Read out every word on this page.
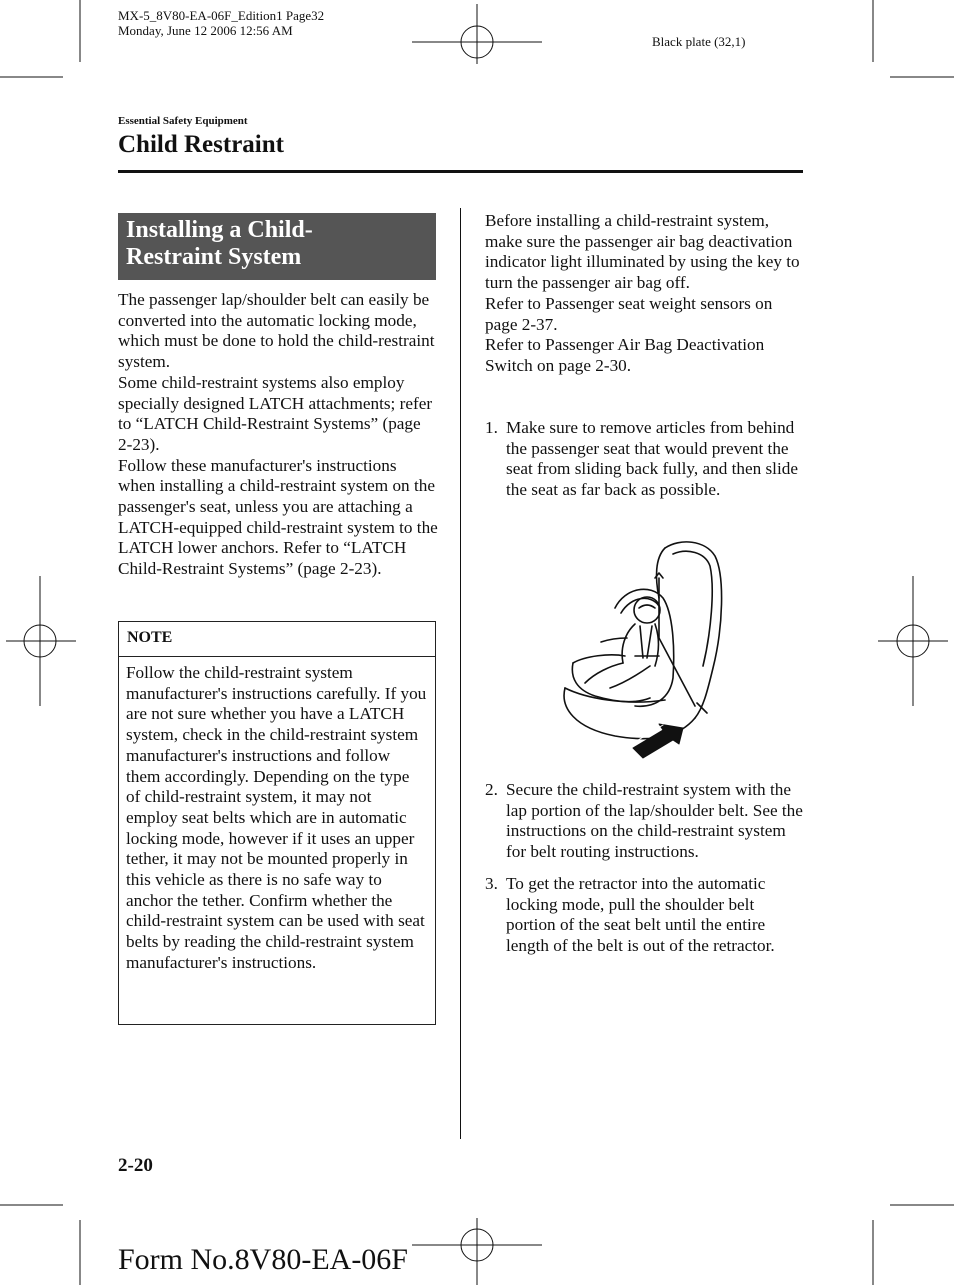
MX-5_8V80-EA-06F_Edition1 Page32
Monday, June 12 2006 12:56 AM
Black plate (32,1)
Essential Safety Equipment
Child Restraint
Installing a Child-
Restraint System

The passenger lap/shoulder belt can easily be converted into the automatic locking mode, which must be done to hold the child-restraint system.

Some child-restraint systems also employ specially designed LATCH attachments; refer to “LATCH Child-Restraint Systems” (page 2-23).

Follow these manufacturer's instructions when installing a child-restraint system on the passenger's seat, unless you are attaching a LATCH-equipped child-restraint system to the LATCH lower anchors. Refer to “LATCH Child-Restraint Systems” (page 2-23).

NOTE
Follow the child-restraint system manufacturer's instructions carefully. If you are not sure whether you have a LATCH system, check in the child-restraint system manufacturer's instructions and follow them accordingly. Depending on the type of child-restraint system, it may not employ seat belts which are in automatic locking mode, however if it uses an upper tether, it may not be mounted properly in this vehicle as there is no safe way to anchor the tether. Confirm whether the child-restraint system can be used with seat belts by reading the child-restraint system manufacturer's instructions.

Before installing a child-restraint system, make sure the passenger air bag deactivation indicator light illuminated by using the key to turn the passenger air bag off.

Refer to Passenger seat weight sensors on page 2-37.

Refer to Passenger Air Bag Deactivation Switch on page 2-30.

1. Make sure to remove articles from behind the passenger seat that would prevent the seat from sliding back fully, and then slide the seat as far back as possible.
2. Secure the child-restraint system with the lap portion of the lap/shoulder belt. See the instructions on the child-restraint system for belt routing instructions.
3. To get the retractor into the automatic locking mode, pull the shoulder belt portion of the seat belt until the entire length of the belt is out of the retractor.
2-20
Form No.8V80-EA-06F
